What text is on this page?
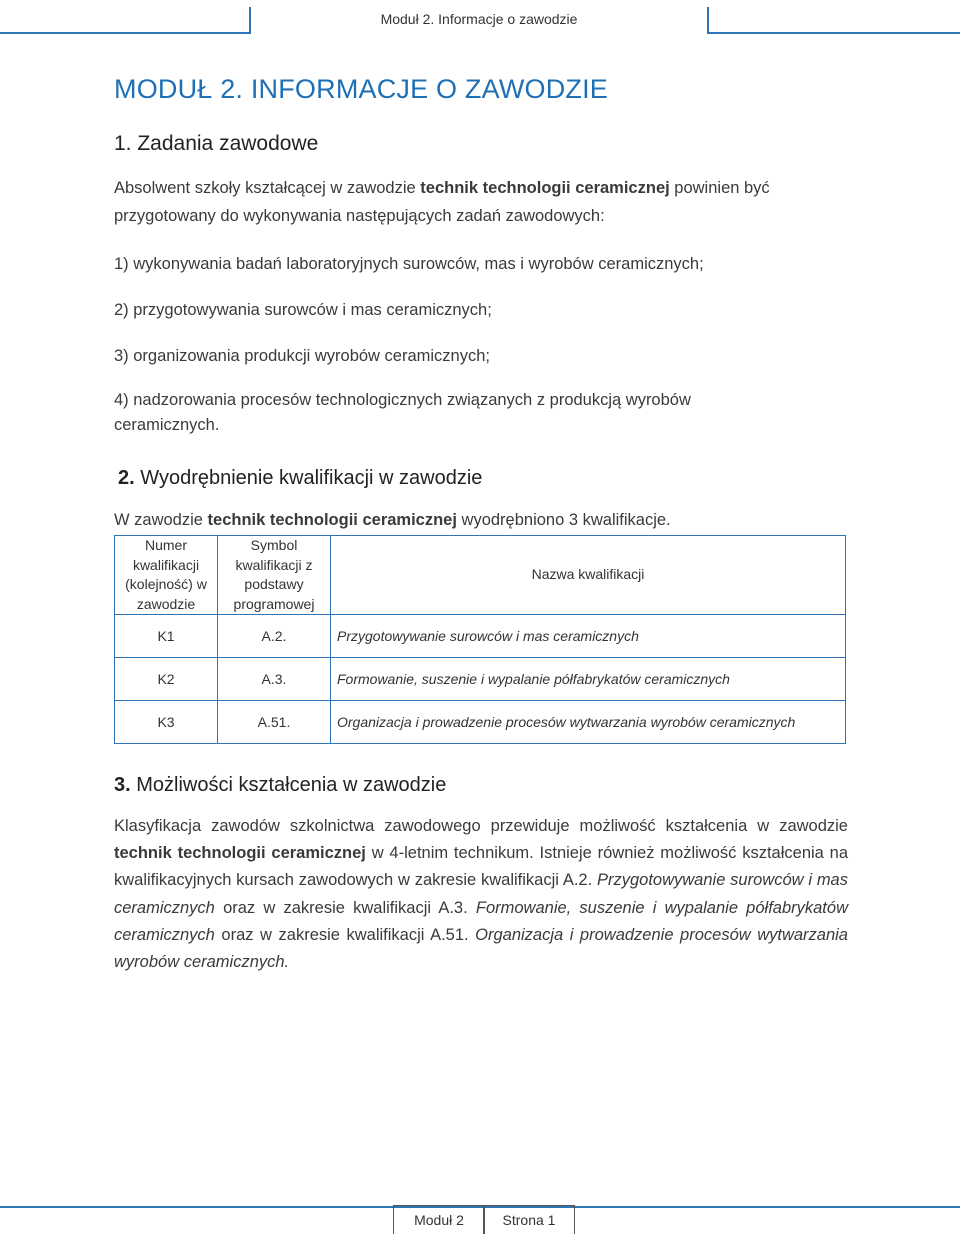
Moduł 2. Informacje o zawodzie
MODUŁ 2. INFORMACJE O ZAWODZIE
1. Zadania zawodowe
Absolwent szkoły kształcącej w zawodzie technik technologii ceramicznej powinien być przygotowany do wykonywania następujących zadań zawodowych:
1) wykonywania badań laboratoryjnych surowców, mas i wyrobów ceramicznych;
2) przygotowywania surowców i mas ceramicznych;
3) organizowania produkcji wyrobów ceramicznych;
4) nadzorowania procesów technologicznych związanych z produkcją wyrobów ceramicznych.
2. Wyodrębnienie kwalifikacji w zawodzie
W zawodzie technik technologii ceramicznej wyodrębniono 3 kwalifikacje.
Numer kwalifikacji (kolejność) w zawodzie	Symbol kwalifikacji z podstawy programowej	Nazwa kwalifikacji
K1	A.2.	Przygotowywanie surowców i mas ceramicznych
K2	A.3.	Formowanie, suszenie i wypalanie półfabrykatów ceramicznych
K3	A.51.	Organizacja i prowadzenie procesów wytwarzania wyrobów ceramicznych
3. Możliwości kształcenia w zawodzie
Klasyfikacja zawodów szkolnictwa zawodowego przewiduje możliwość kształcenia w zawodzie technik technologii ceramicznej w 4-letnim technikum. Istnieje również możliwość kształcenia na kwalifikacyjnych kursach zawodowych w zakresie kwalifikacji A.2. Przygotowywanie surowców i mas ceramicznych oraz w zakresie kwalifikacji A.3. Formowanie, suszenie i wypalanie półfabrykatów ceramicznych oraz w zakresie kwalifikacji A.51. Organizacja i prowadzenie procesów wytwarzania wyrobów ceramicznych.
Moduł 2	Strona 1
